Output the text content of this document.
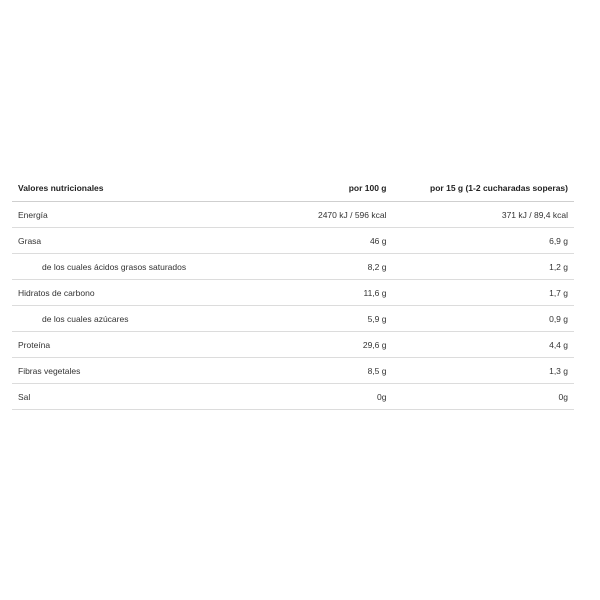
Valores nutricionales	por 100 g	por 15 g (1-2 cucharadas soperas)
Energía	2470 kJ / 596 kcal	371 kJ / 89,4 kcal
Grasa	46 g	6,9 g
de los cuales ácidos grasos saturados	8,2 g	1,2 g
Hidratos de carbono	11,6 g	1,7 g
de los cuales azúcares	5,9 g	0,9 g
Proteína	29,6 g	4,4 g
Fibras vegetales	8,5 g	1,3 g
Sal	0g	0g
